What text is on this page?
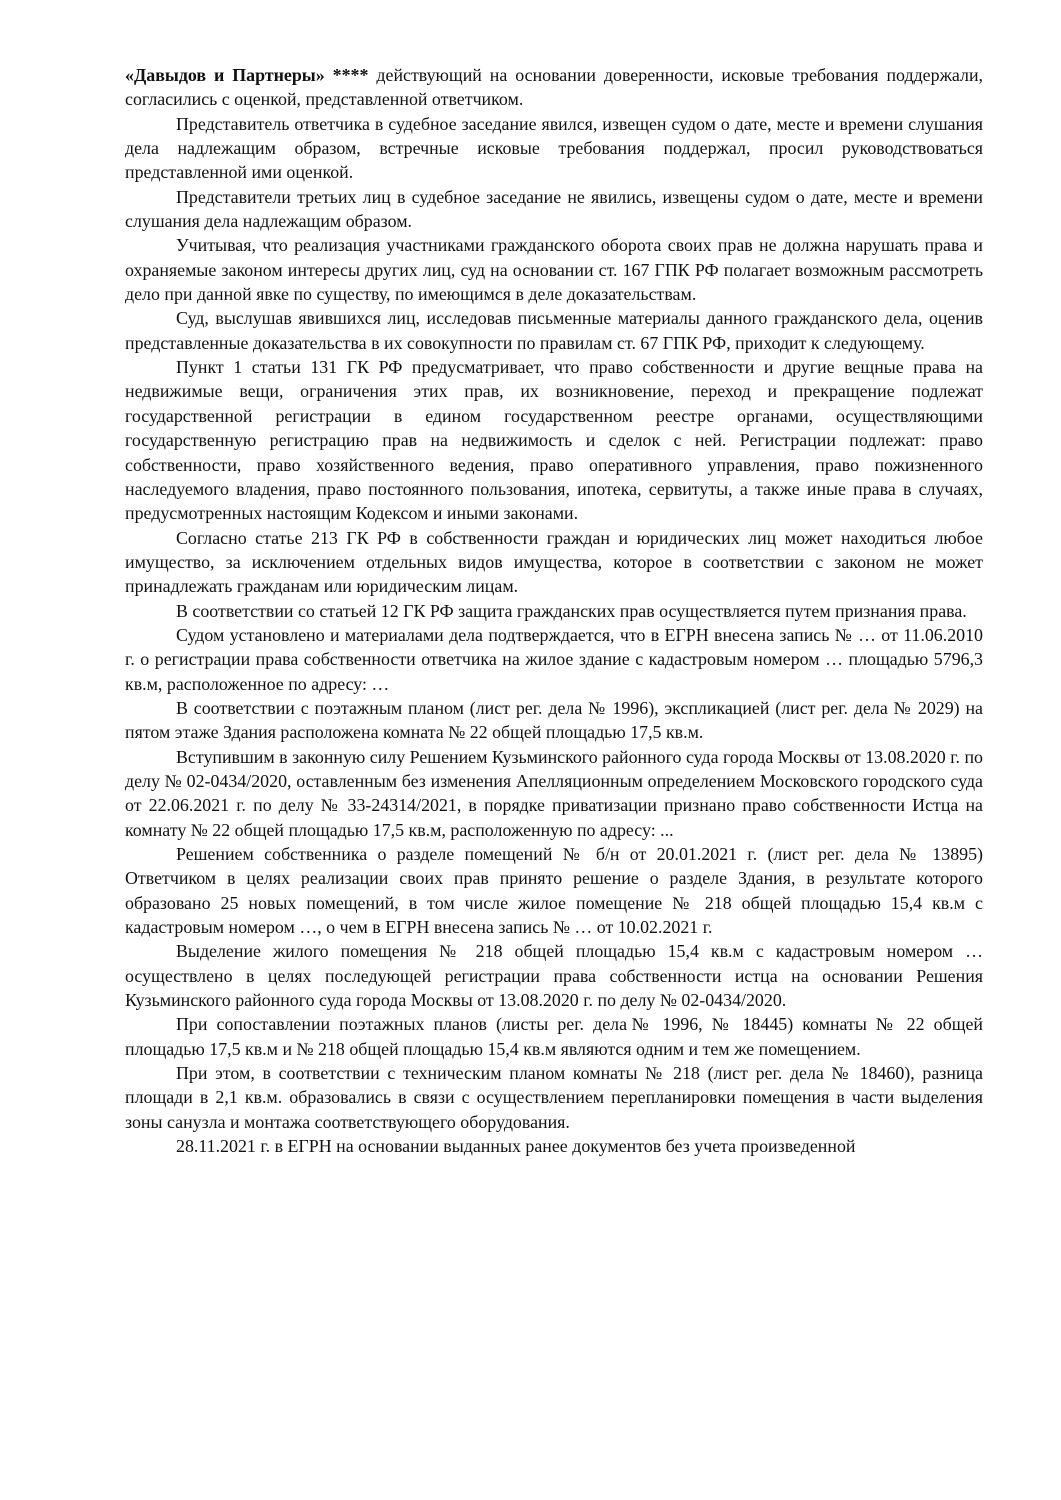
«Давыдов и Партнеры» **** действующий на основании доверенности, исковые требования поддержали, согласились с оценкой, представленной ответчиком.

Представитель ответчика в судебное заседание явился, извещен судом о дате, месте и времени слушания дела надлежащим образом, встречные исковые требования поддержал, просил руководствоваться представленной ими оценкой.

Представители третьих лиц в судебное заседание не явились, извещены судом о дате, месте и времени слушания дела надлежащим образом.

Учитывая, что реализация участниками гражданского оборота своих прав не должна нарушать права и охраняемые законом интересы других лиц, суд на основании ст. 167 ГПК РФ полагает возможным рассмотреть дело при данной явке по существу, по имеющимся в деле доказательствам.

Суд, выслушав явившихся лиц, исследовав письменные материалы данного гражданского дела, оценив представленные доказательства в их совокупности по правилам ст. 67 ГПК РФ, приходит к следующему.

Пункт 1 статьи 131 ГК РФ предусматривает, что право собственности и другие вещные права на недвижимые вещи, ограничения этих прав, их возникновение, переход и прекращение подлежат государственной регистрации в едином государственном реестре органами, осуществляющими государственную регистрацию прав на недвижимость и сделок с ней. Регистрации подлежат: право собственности, право хозяйственного ведения, право оперативного управления, право пожизненного наследуемого владения, право постоянного пользования, ипотека, сервитуты, а также иные права в случаях, предусмотренных настоящим Кодексом и иными законами.

Согласно статье 213 ГК РФ в собственности граждан и юридических лиц может находиться любое имущество, за исключением отдельных видов имущества, которое в соответствии с законом не может принадлежать гражданам или юридическим лицам.

В соответствии со статьей 12 ГК РФ защита гражданских прав осуществляется путем признания права.

Судом установлено и материалами дела подтверждается, что в ЕГРН внесена запись № … от 11.06.2010 г. о регистрации права собственности ответчика на жилое здание с кадастровым номером … площадью 5796,3 кв.м, расположенное по адресу: …

В соответствии с поэтажным планом (лист рег. дела № 1996), экспликацией (лист рег. дела № 2029) на пятом этаже Здания расположена комната № 22 общей площадью 17,5 кв.м.

Вступившим в законную силу Решением Кузьминского районного суда города Москвы от 13.08.2020 г. по делу № 02-0434/2020, оставленным без изменения Апелляционным определением Московского городского суда от 22.06.2021 г. по делу № 33-24314/2021, в порядке приватизации признано право собственности Истца на комнату № 22 общей площадью 17,5 кв.м, расположенную по адресу: ...

Решением собственника о разделе помещений № б/н от 20.01.2021 г. (лист рег. дела № 13895) Ответчиком в целях реализации своих прав принято решение о разделе Здания, в результате которого образовано 25 новых помещений, в том числе жилое помещение № 218 общей площадью 15,4 кв.м с кадастровым номером …, о чем в ЕГРН внесена запись № … от 10.02.2021 г.

Выделение жилого помещения № 218 общей площадью 15,4 кв.м с кадастровым номером … осуществлено в целях последующей регистрации права собственности истца на основании Решения Кузьминского районного суда города Москвы от 13.08.2020 г. по делу № 02-0434/2020.

При сопоставлении поэтажных планов (листы рег. дела№ 1996, № 18445) комнаты № 22 общей площадью 17,5 кв.м и № 218 общей площадью 15,4 кв.м являются одним и тем же помещением.

При этом, в соответствии с техническим планом комнаты № 218 (лист рег. дела № 18460), разница площади в 2,1 кв.м. образовались в связи с осуществлением перепланировки помещения в части выделения зоны санузла и монтажа соответствующего оборудования.

28.11.2021 г. в ЕГРН на основании выданных ранее документов без учета произведенной
